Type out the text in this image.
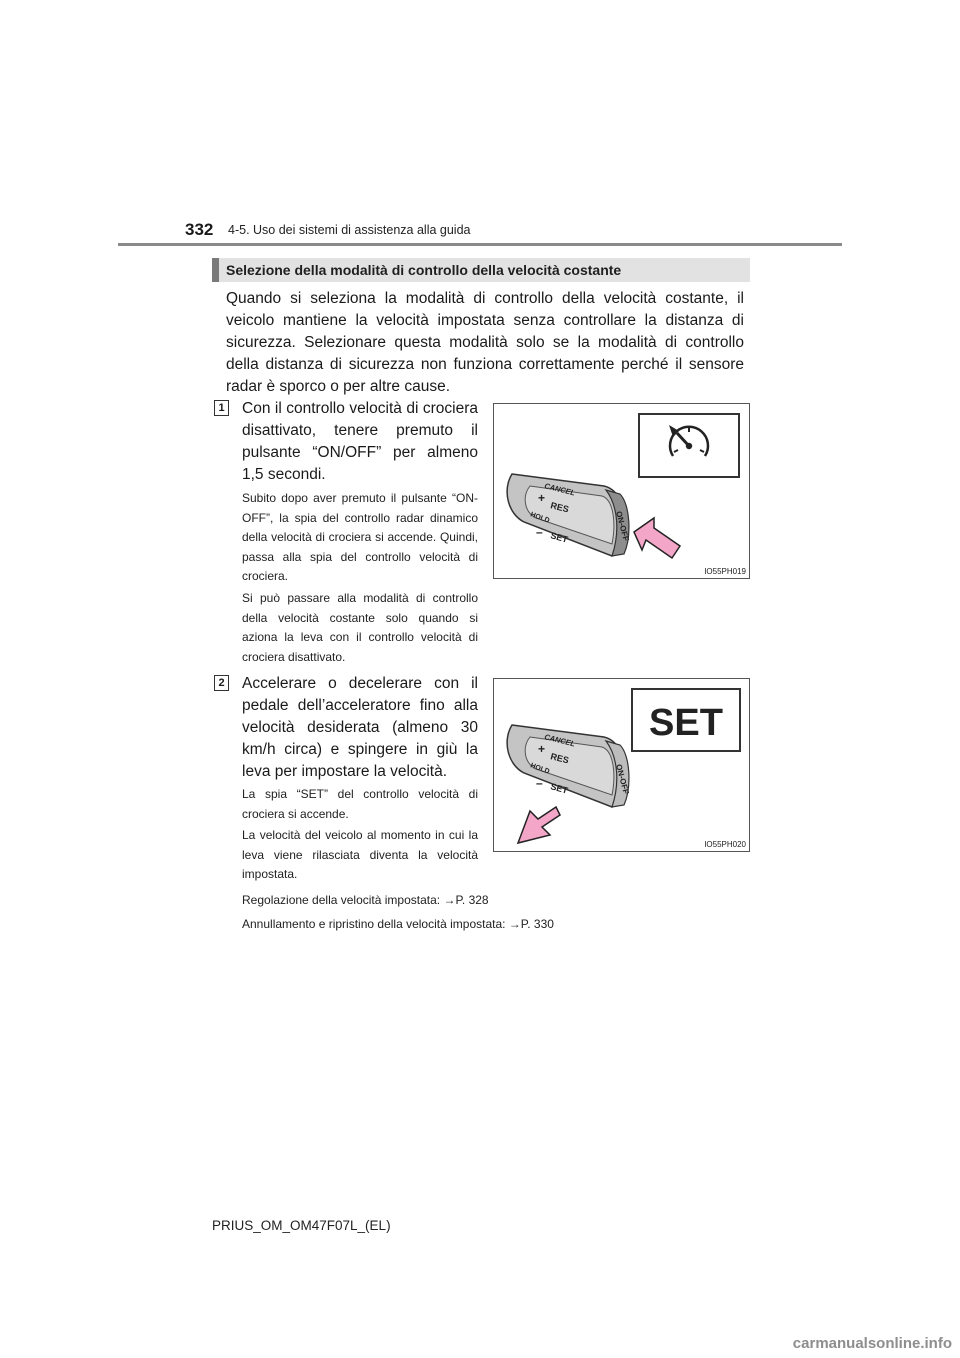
332 4-5. Uso dei sistemi di assistenza alla guida
Selezione della modalità di controllo della velocità costante

Quando si seleziona la modalità di controllo della velocità costante, il veicolo mantiene la velocità impostata senza controllare la distanza di sicurezza. Selezionare questa modalità solo se la modalità di controllo della distanza di sicurezza non funziona correttamente perché il sensore radar è sporco o per altre cause.

1 Con il controllo velocità di crociera disattivato, tenere premuto il pulsante “ON/OFF” per almeno 1,5 secondi.

Subito dopo aver premuto il pulsante “ON-OFF”, la spia del controllo radar dinamico della velocità di crociera si accende. Quindi, passa alla spia del controllo velocità di crociera.

Si può passare alla modalità di controllo della velocità costante solo quando si aziona la leva con il controllo velocità di crociera disattivato.

ON-OFF
CANCEL
+
RES
HOLD
– SET
IO55PH019
2 Accelerare o decelerare con il pedale dell’acceleratore fino alla velocità desiderata (almeno 30 km/h circa) e spingere in giù la leva per impostare la velocità.

La spia “SET” del controllo velocità di crociera si accende.

La velocità del veicolo al momento in cui la leva viene rilasciata diventa la velocità impostata.

SET
ON-OFF
CANCEL
+
RES
HOLD
– SET
IO55PH020
Regolazione della velocità impostata: →P. 328
Annullamento e ripristino della velocità impostata: →P. 330
PRIUS_OM_OM47F07L_(EL)
carmanualsonline.info
